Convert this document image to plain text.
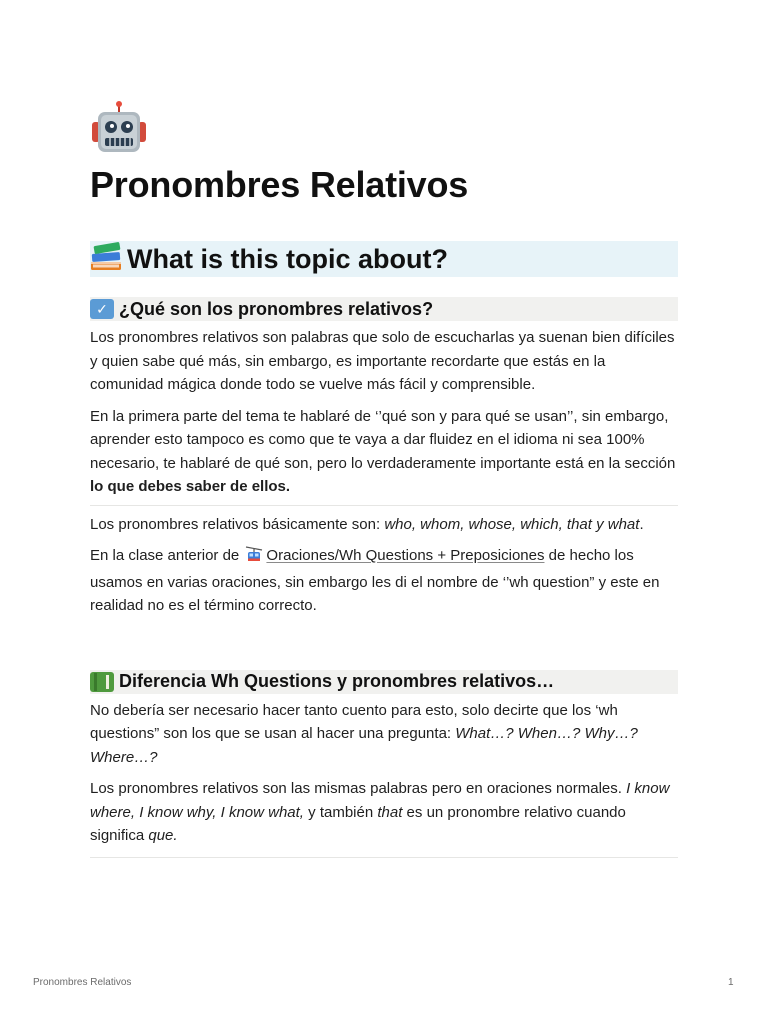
Pronombres Relativos
What is this topic about?
✓ ¿Qué son los pronombres relativos?

Los pronombres relativos son palabras que solo de escucharlas ya suenan bien difíciles y quien sabe qué más, sin embargo, es importante recordarte que estás en la comunidad mágica donde todo se vuelve más fácil y comprensible.

En la primera parte del tema te hablaré de ‘’qué son y para qué se usan’’, sin embargo, aprender esto tampoco es como que te vaya a dar fluidez en el idioma ni sea 100% necesario, te hablaré de qué son, pero lo verdaderamente importante está en la sección lo que debes saber de ellos.

Los pronombres relativos básicamente son: who, whom, whose, which, that y what.

En la clase anterior de Oraciones/Wh Questions + Preposiciones de hecho los usamos en varias oraciones, sin embargo les di el nombre de ‘’wh question” y este en realidad no es el término correcto.

Diferencia Wh Questions y pronombres relativos…

No debería ser necesario hacer tanto cuento para esto, solo decirte que los ‘wh questions” son los que se usan al hacer una pregunta: What…? When…? Why…? Where…?

Los pronombres relativos son las mismas palabras pero en oraciones normales. I know where, I know why, I know what, y también that es un pronombre relativo cuando significa que.

Pronombres Relativos	1
